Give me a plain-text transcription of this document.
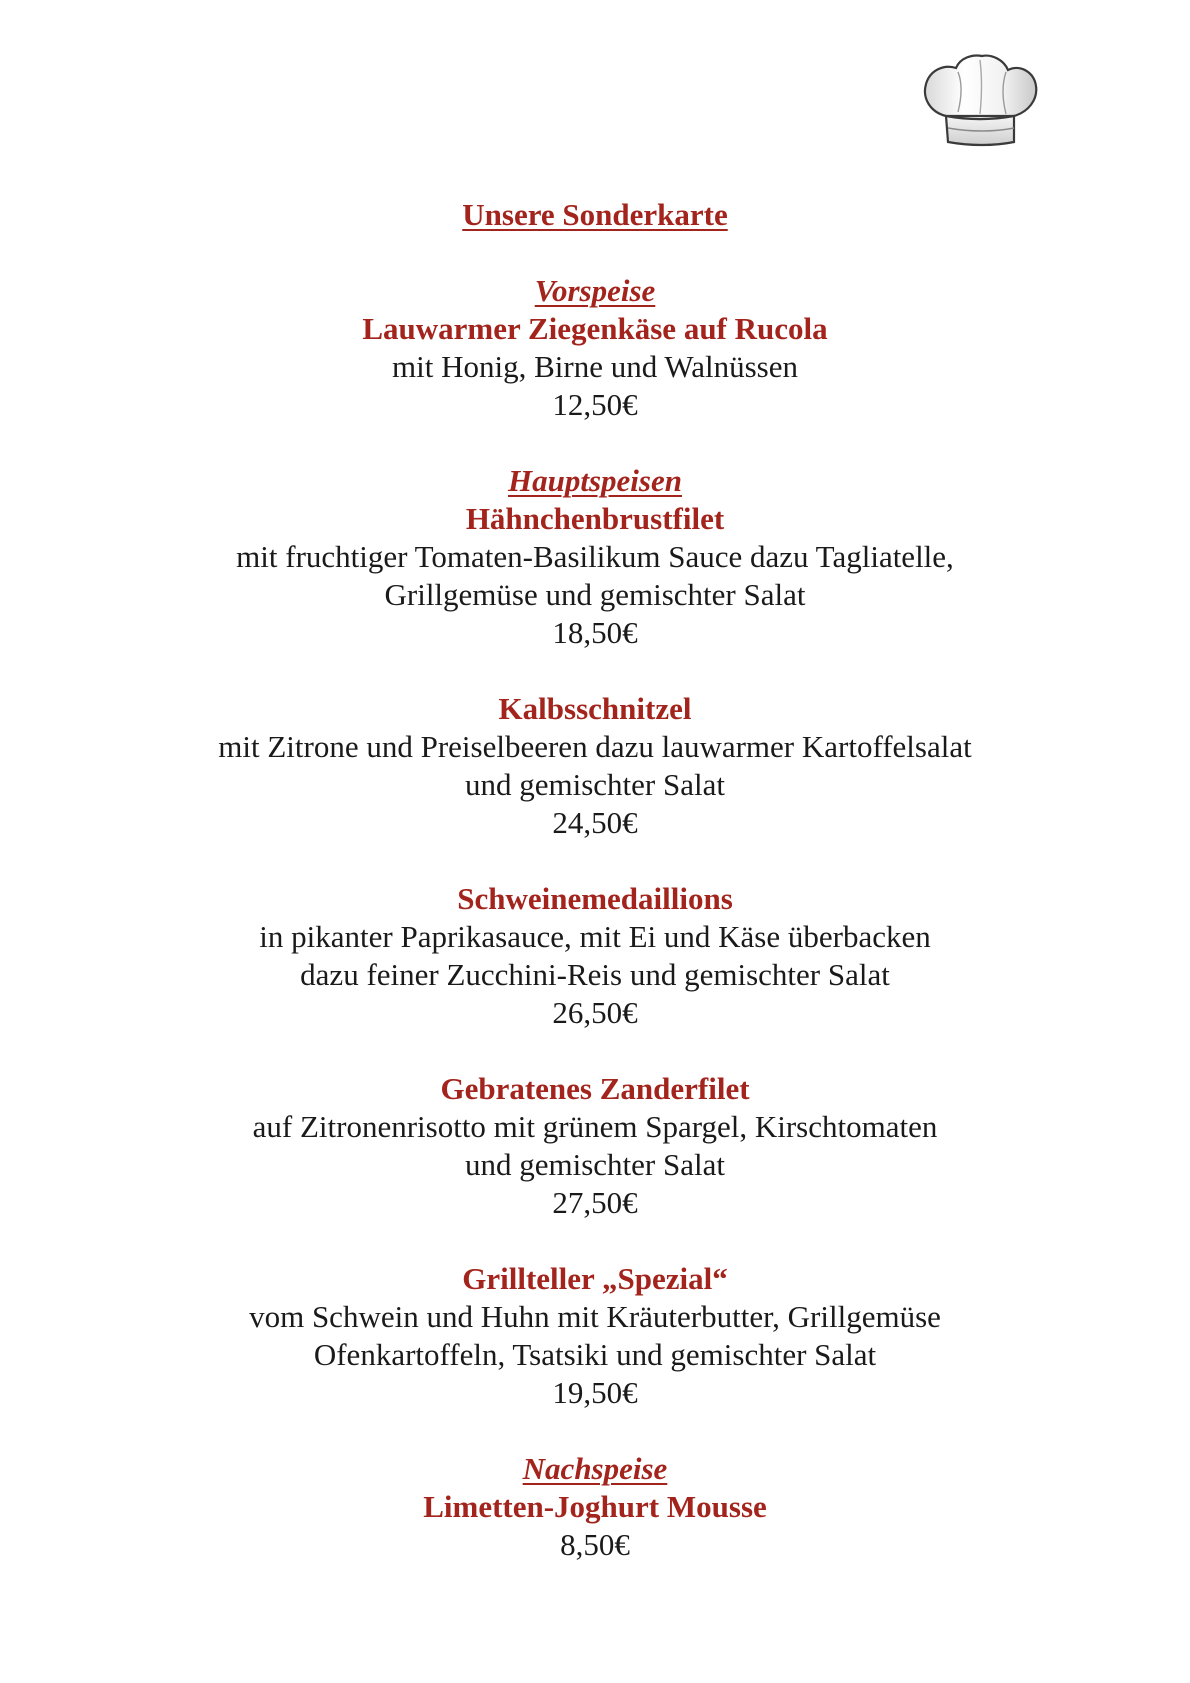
Unsere Sonderkarte
Vorspeise
Lauwarmer Ziegenkäse auf Rucola
mit Honig, Birne und Walnüssen
12,50€
Hauptspeisen
Hähnchenbrustfilet
mit fruchtiger Tomaten-Basilikum Sauce dazu Tagliatelle,
Grillgemüse und gemischter Salat
18,50€
Kalbsschnitzel
mit Zitrone und Preiselbeeren dazu lauwarmer Kartoffelsalat
und gemischter Salat
24,50€
Schweinemedaillions
in pikanter Paprikasauce, mit Ei und Käse überbacken
dazu feiner Zucchini-Reis und gemischter Salat
26,50€
Gebratenes Zanderfilet
auf Zitronenrisotto mit grünem Spargel, Kirschtomaten
und gemischter Salat
27,50€
Grillteller „Spezial“
vom Schwein und Huhn mit Kräuterbutter, Grillgemüse
Ofenkartoffeln, Tsatsiki und gemischter Salat
19,50€
Nachspeise
Limetten-Joghurt Mousse
8,50€
